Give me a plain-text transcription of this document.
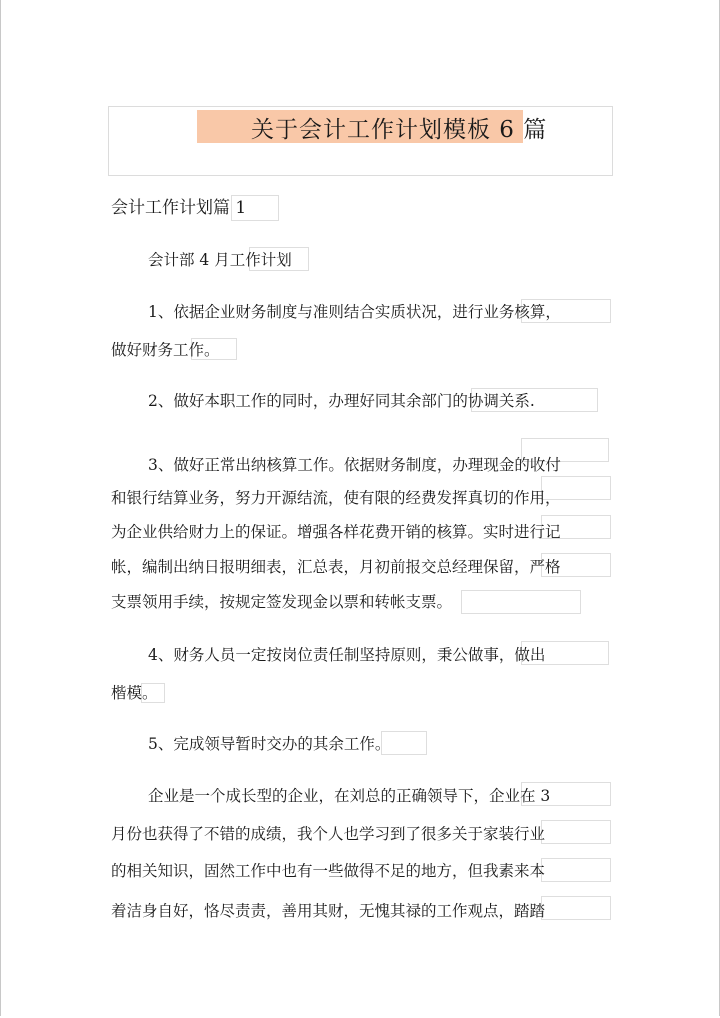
关于会计工作计划模板 6 篇
会计工作计划篇 1
会计部 4 月工作计划
1、依据企业财务制度与准则结合实质状况，进行业务核算，
做好财务工作。
2、做好本职工作的同时，办理好同其余部门的协调关系.
3、做好正常出纳核算工作。依据财务制度，办理现金的收付
和银行结算业务，努力开源结流，使有限的经费发挥真切的作用，
为企业供给财力上的保证。增强各样花费开销的核算。实时进行记
帐，编制出纳日报明细表，汇总表，月初前报交总经理保留，严格
支票领用手续，按规定签发现金以票和转帐支票。
4、财务人员一定按岗位责任制坚持原则，秉公做事，做出
楷模。
5、完成领导暂时交办的其余工作。
企业是一个成长型的企业，在刘总的正确领导下，企业在 3
月份也获得了不错的成绩，我个人也学习到了很多关于家装行业
的相关知识，固然工作中也有一些做得不足的地方，但我素来本
着洁身自好，恪尽责责，善用其财，无愧其禄的工作观点，踏踏
